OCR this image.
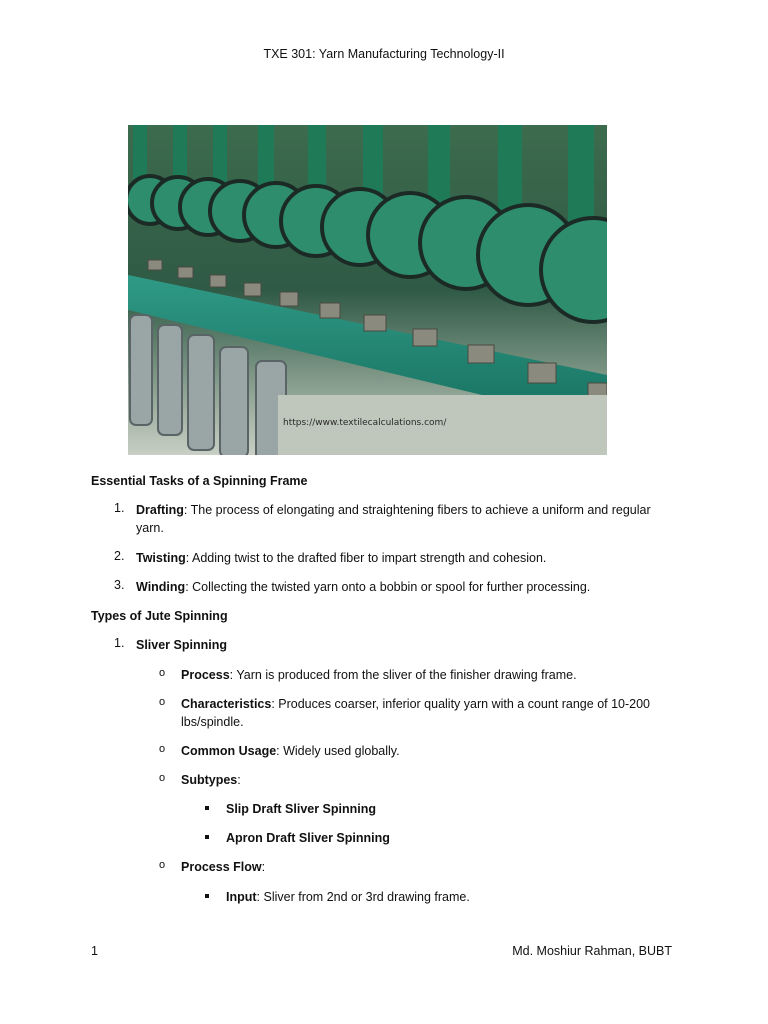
TXE 301: Yarn Manufacturing Technology-II
https://www.textilecalculations.com/
Essential Tasks of a Spinning Frame
1. Drafting: The process of elongating and straightening fibers to achieve a uniform and regular
yarn.
2. Twisting: Adding twist to the drafted fiber to impart strength and cohesion.
3. Winding: Collecting the twisted yarn onto a bobbin or spool for further processing.
Types of Jute Spinning
1. Sliver Spinning
o Process: Yarn is produced from the sliver of the finisher drawing frame.
o Characteristics: Produces coarser, inferior quality yarn with a count range of 10-200
lbs/spindle.
o Common Usage: Widely used globally.
o Subtypes:
Slip Draft Sliver Spinning
Apron Draft Sliver Spinning
o Process Flow:
Input: Sliver from 2nd or 3rd drawing frame.
1	Md. Moshiur Rahman, BUBT
